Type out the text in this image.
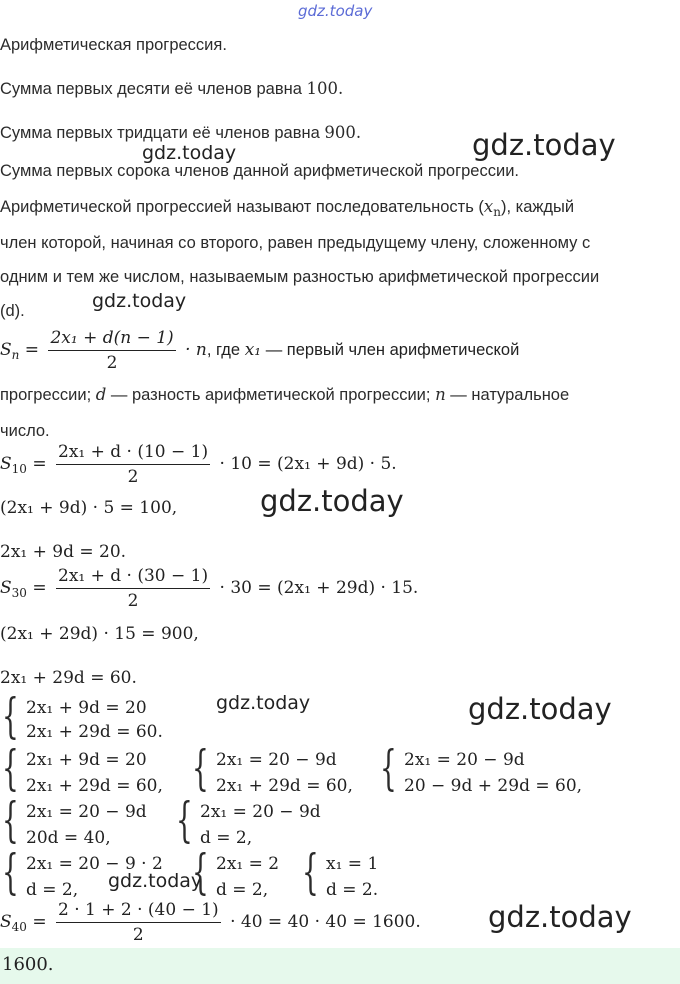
gdz.today
gdz.today
gdz.today
gdz.today
gdz.today
gdz.today	gdz.today
gdz.today
gdz.today
Арифметическая прогрессия.
Сумма первых десяти её членов равна 100.
Сумма первых тридцати её членов равна 900.
Сумма первых сорока членов данной арифметической прогрессии.
Арифметической прогрессией называют последовательность $(x_n)$, каждый
член которой, начиная со второго, равен предыдущему члену, сложенному с
одним и тем же числом, называемым разностью арифметической прогрессии
(d).
$S_n = \frac{\text{2x₁ + d(n − 1)}}{2} \cdot n$, где x₁ — первый член арифметической
прогрессии; d — разность арифметической прогрессии; n — натуральное
число.
$S_{10} = \frac{\text{2x₁ + d · (10 − 1)}}{2} \cdot 10 = (2x_1 + 9d) \cdot 5$.
(2x₁ + 9d) · 5 = 100,
2x₁ + 9d = 20.
$S_{30} = \frac{\text{2x₁ + d · (30 − 1)}}{2} \cdot 30 = (2x_1 + 29d) \cdot 15$.
(2x₁ + 29d) · 15 = 900,
2x₁ + 29d = 60.
{ 2x₁ + 9d = 20
2x₁ + 29d = 60.
{ 2x₁ + 9d = 20
2x₁ + 29d = 60, { 2x₁ = 20 − 9d
2x₁ + 29d = 60, { 2x₁ = 20 − 9d
20 − 9d + 29d = 60,
{ 2x₁ = 20 − 9d
20d = 40, { 2x₁ = 20 − 9d
d = 2,
{ 2x₁ = 20 − 9 · 2
d = 2, { 2x₁ = 2
d = 2, { x₁ = 1
d = 2.
$S_{40} = \frac{2 \cdot 1 + 2 \cdot (40 - 1)}{2} \cdot 40 = 40 \cdot 40 = 1600$.
1600.
